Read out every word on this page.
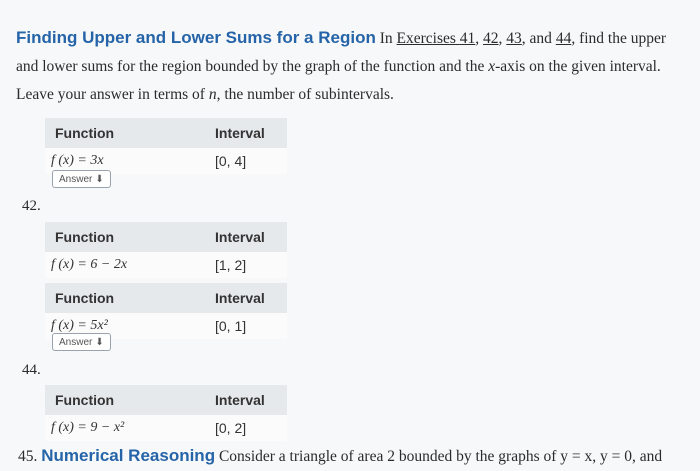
Finding Upper and Lower Sums for a Region In Exercises 41, 42, 43, and 44, find the upper and lower sums for the region bounded by the graph of the function and the x-axis on the given interval. Leave your answer in terms of n, the number of subintervals.
Function	Interval
f (x) = 3x	[0, 4]
Answer ⬇
42.
Function	Interval
f (x) = 6 − 2x	[1, 2]
Function	Interval
f (x) = 5x²	[0, 1]
Answer ⬇
44.
Function	Interval
f (x) = 9 − x²	[0, 2]
45. Numerical Reasoning Consider a triangle of area 2 bounded by the graphs of y = x, y = 0, and
